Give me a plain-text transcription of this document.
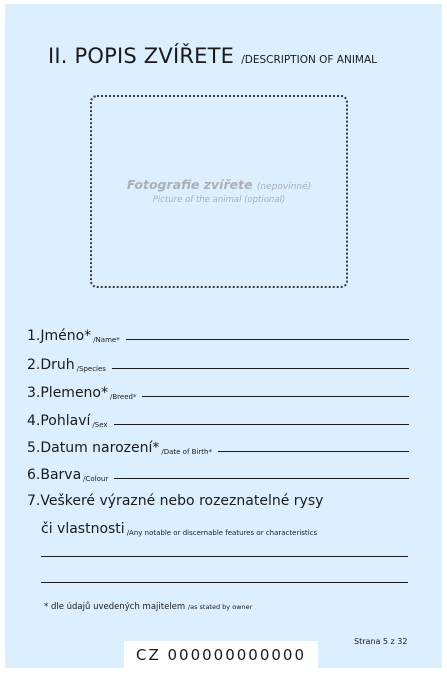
II. POPIS ZVÍŘETE /DESCRIPTION OF ANIMAL
Fotografie zvířete (nepovinné)
Picture of the animal (optional)
1. Jméno* /Name*
2. Druh /Species
3. Plemeno* /Breed*
4. Pohlaví /Sex
5. Datum narození* /Date of Birth*
6. Barva /Colour
7. Veškeré výrazné nebo rozeznatelné rysy
či vlastnosti /Any notable or discernable features or characteristics
* dle údajů uvedených majitelem /as stated by owner
Strana 5 z 32
CZ 000000000000
